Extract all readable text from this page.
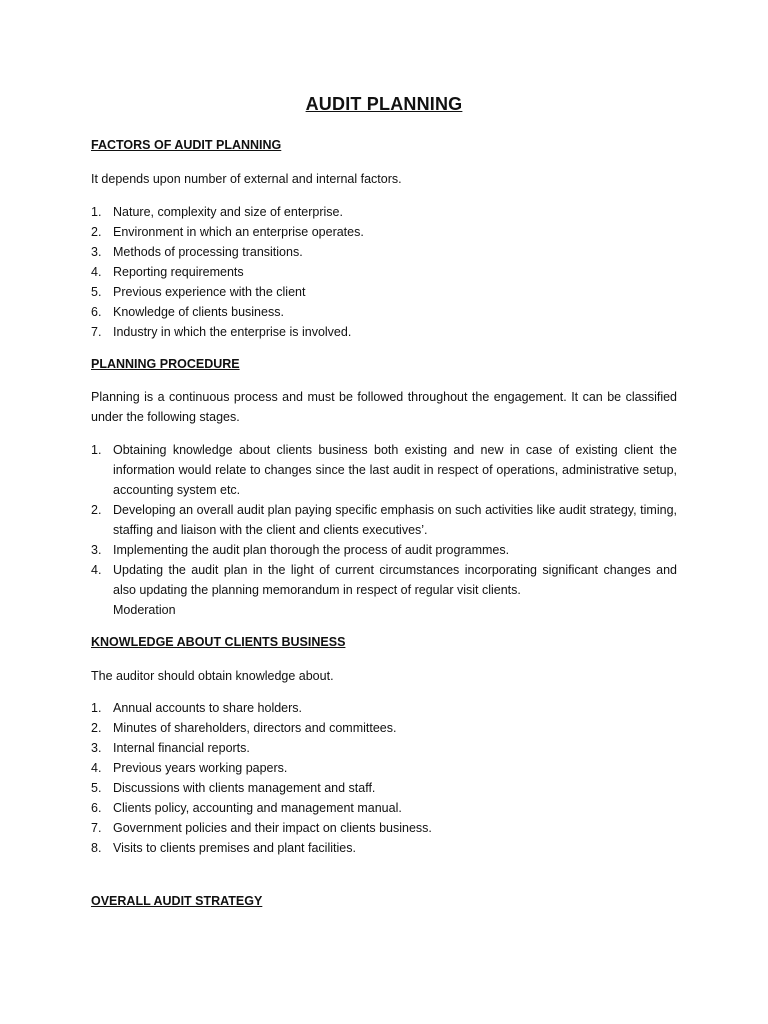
AUDIT PLANNING
FACTORS OF AUDIT PLANNING

It depends upon number of external and internal factors.

1. Nature, complexity and size of enterprise.
2. Environment in which an enterprise operates.
3. Methods of processing transitions.
4. Reporting requirements
5. Previous experience with the client
6. Knowledge of clients business.
7. Industry in which the enterprise is involved.
PLANNING PROCEDURE

Planning is a continuous process and must be followed throughout the engagement. It can be classified under the following stages.

1. Obtaining knowledge about clients business both existing and new in case of existing client the information would relate to changes since the last audit in respect of operations, administrative setup, accounting system etc.
2. Developing an overall audit plan paying specific emphasis on such activities like audit strategy, timing, staffing and liaison with the client and clients executives’.
3. Implementing the audit plan thorough the process of audit programmes.
4. Updating the audit plan in the light of current circumstances incorporating significant changes and also updating the planning memorandum in respect of regular visit clients.
Moderation
KNOWLEDGE ABOUT CLIENTS BUSINESS

The auditor should obtain knowledge about.

1. Annual accounts to share holders.
2. Minutes of shareholders, directors and committees.
3. Internal financial reports.
4. Previous years working papers.
5. Discussions with clients management and staff.
6. Clients policy, accounting and management manual.
7. Government policies and their impact on clients business.
8. Visits to clients premises and plant facilities.
OVERALL AUDIT STRATEGY
